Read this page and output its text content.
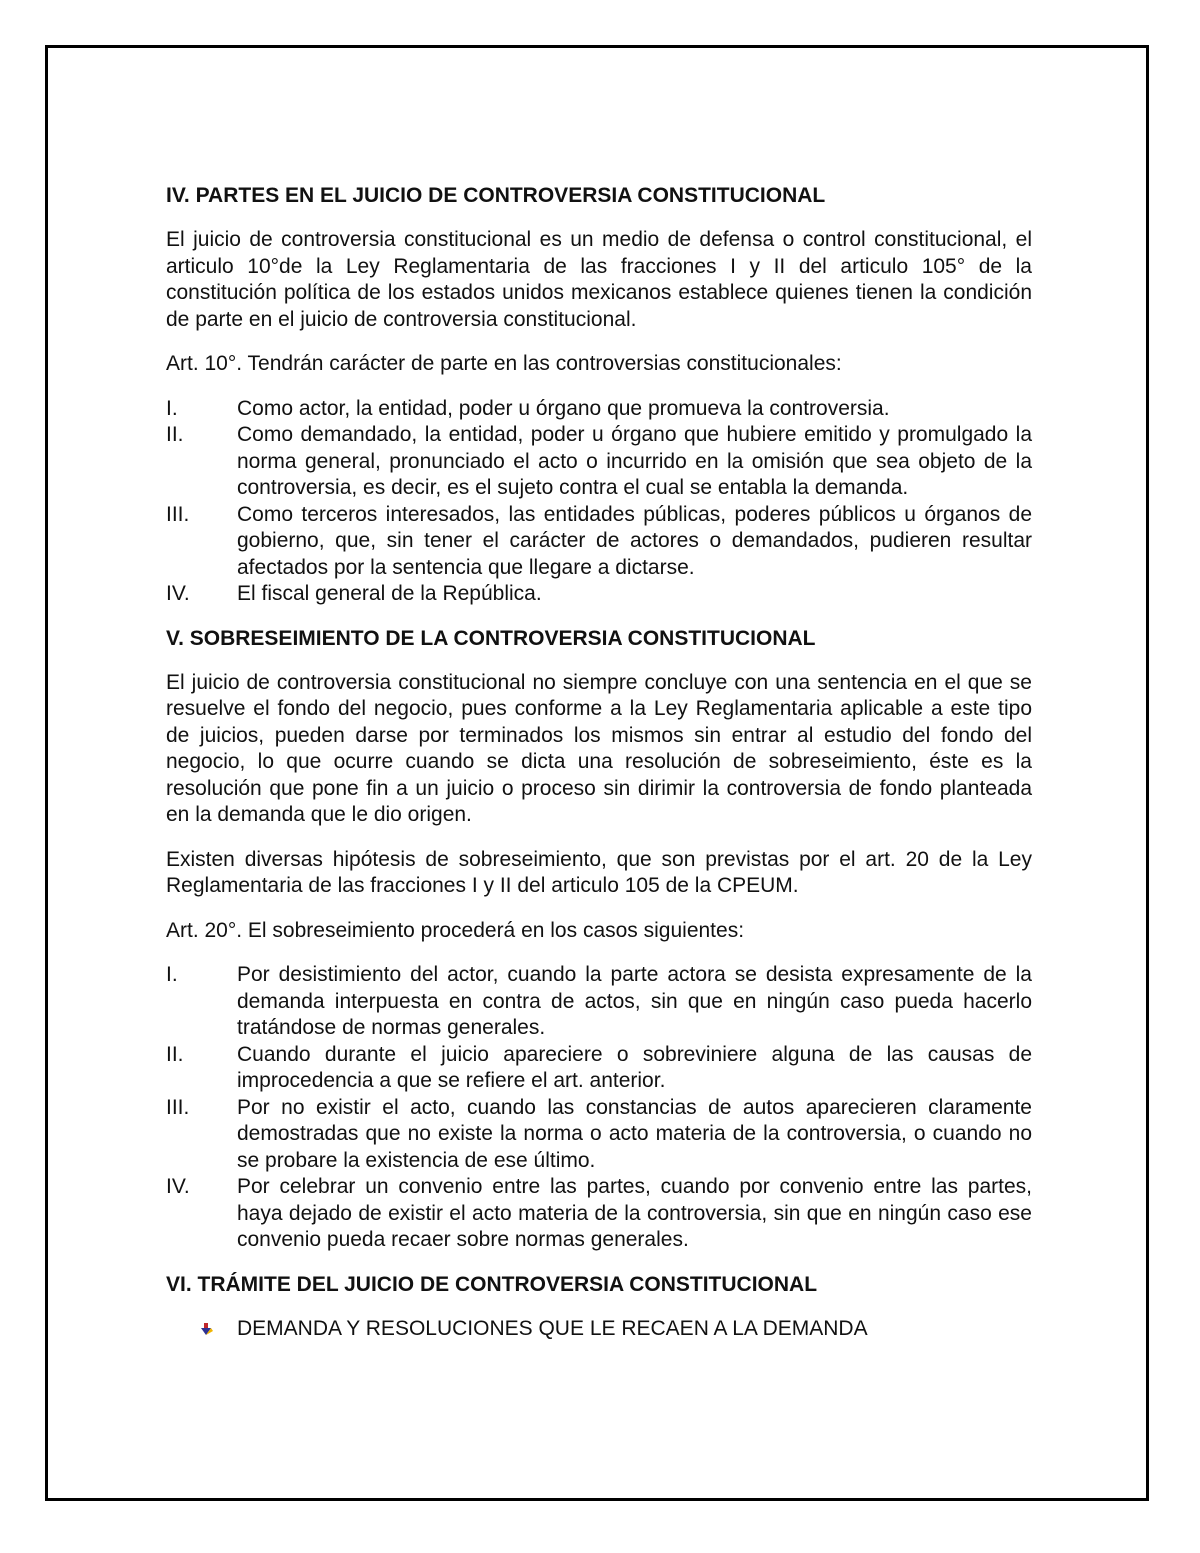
IV. PARTES EN EL JUICIO DE CONTROVERSIA CONSTITUCIONAL

El juicio de controversia constitucional es un medio de defensa o control constitucional, el articulo 10°de la Ley Reglamentaria de las fracciones I y II del articulo 105° de la constitución política de los estados unidos mexicanos establece quienes tienen la condición de parte en el juicio de controversia constitucional.

Art. 10°. Tendrán carácter de parte en las controversias constitucionales:

I.	Como actor, la entidad, poder u órgano que promueva la controversia.
II.	Como demandado, la entidad, poder u órgano que hubiere emitido y promulgado la norma general, pronunciado el acto o incurrido en la omisión que sea objeto de la controversia, es decir, es el sujeto contra el cual se entabla la demanda.
III.	Como terceros interesados, las entidades públicas, poderes públicos u órganos de gobierno, que, sin tener el carácter de actores o demandados, pudieren resultar afectados por la sentencia que llegare a dictarse.
IV.	El fiscal general de la República.
V. SOBRESEIMIENTO DE LA CONTROVERSIA CONSTITUCIONAL

El juicio de controversia constitucional no siempre concluye con una sentencia en el que se resuelve el fondo del negocio, pues conforme a la Ley Reglamentaria aplicable a este tipo de juicios, pueden darse por terminados los mismos sin entrar al estudio del fondo del negocio, lo que ocurre cuando se dicta una resolución de sobreseimiento, éste es la resolución que pone fin a un juicio o proceso sin dirimir la controversia de fondo planteada en la demanda que le dio origen.

Existen diversas hipótesis de sobreseimiento, que son previstas por el art. 20 de la Ley Reglamentaria de las fracciones I y II del articulo 105 de la CPEUM.

Art. 20°. El sobreseimiento procederá en los casos siguientes:

I.	Por desistimiento del actor, cuando la parte actora se desista expresamente de la demanda interpuesta en contra de actos, sin que en ningún caso pueda hacerlo tratándose de normas generales.
II.	Cuando durante el juicio apareciere o sobreviniere alguna de las causas de improcedencia a que se refiere el art. anterior.
III.	Por no existir el acto, cuando las constancias de autos aparecieren claramente demostradas que no existe la norma o acto materia de la controversia, o cuando no se probare la existencia de ese último.
IV.	Por celebrar un convenio entre las partes, cuando por convenio entre las partes, haya dejado de existir el acto materia de la controversia, sin que en ningún caso ese convenio pueda recaer sobre normas generales.
VI. TRÁMITE DEL JUICIO DE CONTROVERSIA CONSTITUCIONAL
DEMANDA Y RESOLUCIONES QUE LE RECAEN A LA DEMANDA
